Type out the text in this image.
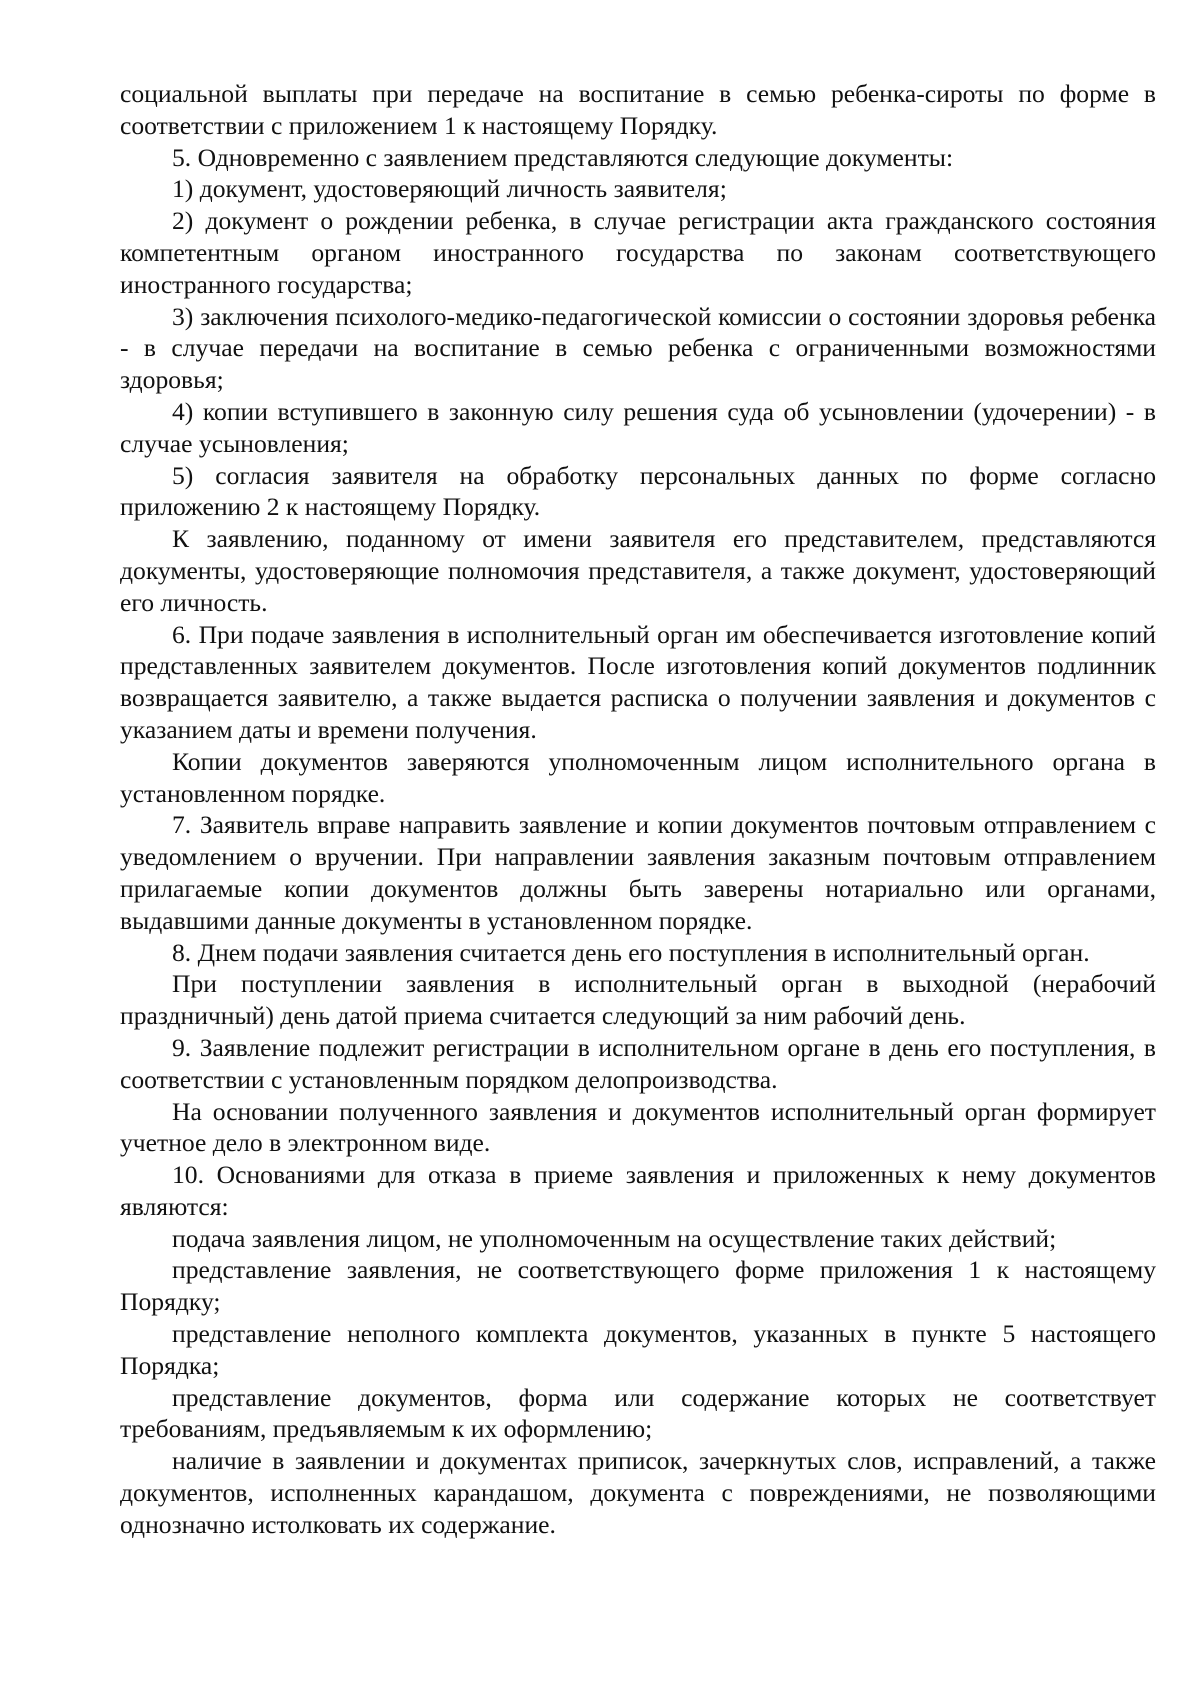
социальной выплаты при передаче на воспитание в семью ребенка-сироты по форме в соответствии с приложением 1 к настоящему Порядку.

5. Одновременно с заявлением представляются следующие документы:

1) документ, удостоверяющий личность заявителя;

2) документ о рождении ребенка, в случае регистрации акта гражданского состояния компетентным органом иностранного государства по законам соответствующего иностранного государства;

3) заключения психолого-медико-педагогической комиссии о состоянии здоровья ребенка - в случае передачи на воспитание в семью ребенка с ограниченными возможностями здоровья;

4) копии вступившего в законную силу решения суда об усыновлении (удочерении) - в случае усыновления;

5) согласия заявителя на обработку персональных данных по форме согласно приложению 2 к настоящему Порядку.

К заявлению, поданному от имени заявителя его представителем, представляются документы, удостоверяющие полномочия представителя, а также документ, удостоверяющий его личность.

6. При подаче заявления в исполнительный орган им обеспечивается изготовление копий представленных заявителем документов. После изготовления копий документов подлинник возвращается заявителю, а также выдается расписка о получении заявления и документов с указанием даты и времени получения.

Копии документов заверяются уполномоченным лицом исполнительного органа в установленном порядке.

7. Заявитель вправе направить заявление и копии документов почтовым отправлением с уведомлением о вручении. При направлении заявления заказным почтовым отправлением прилагаемые копии документов должны быть заверены нотариально или органами, выдавшими данные документы в установленном порядке.

8. Днем подачи заявления считается день его поступления в исполнительный орган.

При поступлении заявления в исполнительный орган в выходной (нерабочий праздничный) день датой приема считается следующий за ним рабочий день.

9. Заявление подлежит регистрации в исполнительном органе в день его поступления, в соответствии с установленным порядком делопроизводства.

На основании полученного заявления и документов исполнительный орган формирует учетное дело в электронном виде.

10. Основаниями для отказа в приеме заявления и приложенных к нему документов являются:

подача заявления лицом, не уполномоченным на осуществление таких действий;

представление заявления, не соответствующего форме приложения 1 к настоящему Порядку;

представление неполного комплекта документов, указанных в пункте 5 настоящего Порядка;

представление документов, форма или содержание которых не соответствует требованиям, предъявляемым к их оформлению;

наличие в заявлении и документах приписок, зачеркнутых слов, исправлений, а также документов, исполненных карандашом, документа с повреждениями, не позволяющими однозначно истолковать их содержание.
